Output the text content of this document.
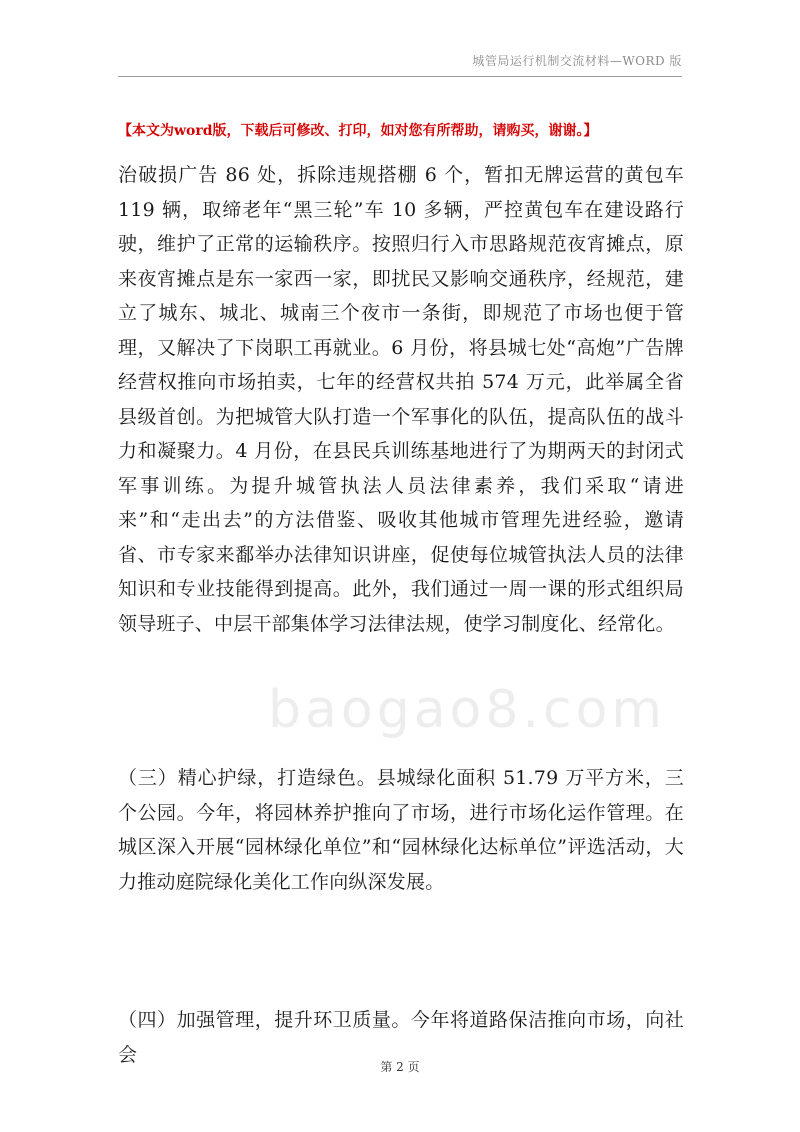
城管局运行机制交流材料—WORD 版
【本文为word版，下载后可修改、打印，如对您有所帮助，请购买，谢谢。】
治破损广告 86 处，拆除违规搭棚 6 个，暂扣无牌运营的黄包车 119 辆，取缔老年“黑三轮”车 10 多辆，严控黄包车在建设路行驶，维护了正常的运输秩序。按照归行入市思路规范夜宵摊点，原来夜宵摊点是东一家西一家，即扰民又影响交通秩序，经规范，建立了城东、城北、城南三个夜市一条街，即规范了市场也便于管理，又解决了下岗职工再就业。6 月份，将县城七处“高炮”广告牌经营权推向市场拍卖，七年的经营权共拍 574 万元，此举属全省县级首创。为把城管大队打造一个军事化的队伍，提高队伍的战斗力和凝聚力。4 月份，在县民兵训练基地进行了为期两天的封闭式军事训练。为提升城管执法人员法律素养，我们采取“请进来”和“走出去”的方法借鉴、吸收其他城市管理先进经验，邀请省、市专家来鄱举办法律知识讲座，促使每位城管执法人员的法律知识和专业技能得到提高。此外，我们通过一周一课的形式组织局领导班子、中层干部集体学习法律法规，使学习制度化、经常化。
（三）精心护绿，打造绿色。县城绿化面积 51.79 万平方米，三个公园。今年，将园林养护推向了市场，进行市场化运作管理。在城区深入开展“园林绿化单位”和“园林绿化达标单位”评选活动，大力推动庭院绿化美化工作向纵深发展。
（四）加强管理，提升环卫质量。今年将道路保洁推向市场，向社会
baogao8.com
第 2 页
